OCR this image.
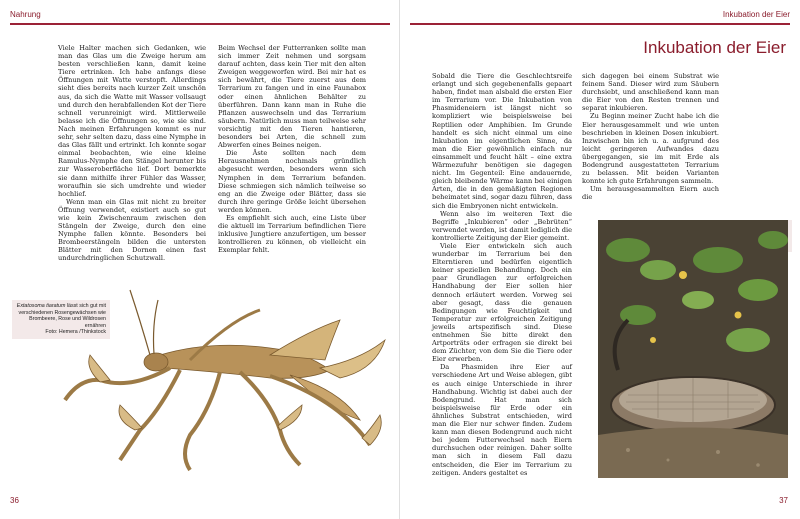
Nahrung

Viele Halter machen sich Gedanken, wie man das Glas um die Zweige herum am besten verschließen kann, damit keine Tiere ertrinken. Ich habe anfangs diese Öffnungen mit Watte verstopft. Allerdings sieht dies bereits nach kurzer Zeit unschön aus, da sich die Watte mit Wasser vollsaugt und durch den herabfallenden Kot der Tiere schnell verunreinigt wird. Mittlerweile belasse ich die Öffnungen so, wie sie sind. Nach meinen Erfahrungen kommt es nur sehr, sehr selten dazu, dass eine Nymphe in das Glas fällt und ertrinkt. Ich konnte sogar einmal beobachten, wie eine kleine Ramulus-Nymphe den Stängel herunter bis zur Wasseroberfläche lief. Dort bemerkte sie dann mithilfe ihrer Fühler das Wasser, woraufhin sie sich umdrehte und wieder hochlief.

Wenn man ein Glas mit nicht zu breiter Öffnung verwendet, existiert auch so gut wie kein Zwischenraum zwischen den Stängeln der Zweige, durch den eine Nymphe fallen könnte. Besonders bei Brombeerstängeln bilden die untersten Blätter mit den Dornen einen fast undurchdringlichen Schutzwall.

Beim Wechsel der Futterranken sollte man sich immer Zeit nehmen und sorgsam darauf achten, dass kein Tier mit den alten Zweigen weggeworfen wird. Bei mir hat es sich bewährt, die Tiere zuerst aus dem Terrarium zu fangen und in eine Faunabox oder einen ähnlichen Behälter zu überführen. Dann kann man in Ruhe die Pflanzen auswechseln und das Terrarium säubern. Natürlich muss man teilweise sehr vorsichtig mit den Tieren hantieren, besonders bei Arten, die schnell zum Abwerfen eines Beines neigen.

Die Äste sollten nach dem Herausnehmen nochmals gründlich abgesucht werden, besonders wenn sich Nymphen in dem Terrarium befanden. Diese schmiegen sich nämlich teilweise so eng an die Zweige oder Blätter, dass sie durch ihre geringe Größe leicht übersehen werden können.

Es empfiehlt sich auch, eine Liste über die aktuell im Terrarium befindlichen Tiere inklusive Jungtiere anzufertigen, um besser kontrollieren zu können, ob vielleicht ein Exemplar fehlt.

Extatosoma tiaratum lässt sich gut mit verschiedenen Rosengewächsen wie Brombeere, Rose und Wildrosen ernähren
Foto: Hemera /Thinkstock
36
Inkubation der Eier
Inkubation der Eier

Sobald die Tiere die Geschlechtsreife erlangt und sich gegebenenfalls gepaart haben, findet man alsbald die ersten Eier im Terrarium vor. Die Inkubation von Phasmideneiern ist längst nicht so kompliziert wie beispielsweise bei Reptilien oder Amphibien. Im Grunde handelt es sich nicht einmal um eine Inkubation im eigentlichen Sinne, da man die Eier gewöhnlich einfach nur einsammelt und feucht hält – eine extra Wärmezufuhr benötigen sie dagegen nicht. Im Gegenteil: Eine andauernde, gleich bleibende Wärme kann bei einigen Arten, die in den gemäßigten Regionen beheimatet sind, sogar dazu führen, dass sich die Embryonen nicht entwickeln.

Wenn also im weiteren Text die Begriffe „Inkubieren“ oder „Bebrüten“ verwendet werden, ist damit lediglich die kontrollierte Zeitigung der Eier gemeint.

Viele Eier entwickeln sich auch wunderbar im Terrarium bei den Elterntieren und bedürfen eigentlich keiner speziellen Behandlung. Doch ein paar Grundlagen zur erfolgreichen Handhabung der Eier sollen hier dennoch erläutert werden. Vorweg sei aber gesagt, dass die genauen Bedingungen wie Feuchtigkeit und Temperatur zur erfolgreichen Zeitigung jeweils artspezifisch sind. Diese entnehmen Sie bitte direkt den Artporträts oder erfragen sie direkt bei dem Züchter, von dem Sie die Tiere oder Eier erwerben.

Da Phasmiden ihre Eier auf verschiedene Art und Weise ablegen, gibt es auch einige Unterschiede in ihrer Handhabung. Wichtig ist dabei auch der Bodengrund. Hat man sich beispielsweise für Erde oder ein ähnliches Substrat entschieden, wird man die Eier nur schwer finden. Zudem kann man diesen Bodengrund auch nicht bei jedem Futterwechsel nach Eiern durchsuchen oder reinigen. Daher sollte man sich in diesem Fall dazu entscheiden, die Eier im Terrarium zu zeitigen. Anders gestaltet es

sich dagegen bei einem Substrat wie feinem Sand. Dieser wird zum Säubern durchsiebt, und anschließend kann man die Eier von den Resten trennen und separat inkubieren.

Zu Beginn meiner Zucht habe ich die Eier herausgesammelt und wie unten beschrieben in kleinen Dosen inkubiert. Inzwischen bin ich u. a. aufgrund des leicht geringeren Aufwandes dazu übergegangen, sie im mit Erde als Bodengrund ausgestatteten Terrarium zu belassen. Mit beiden Varianten konnte ich gute Erfahrungen sammeln.

Um herausgesammelten Eiern auch die

37
